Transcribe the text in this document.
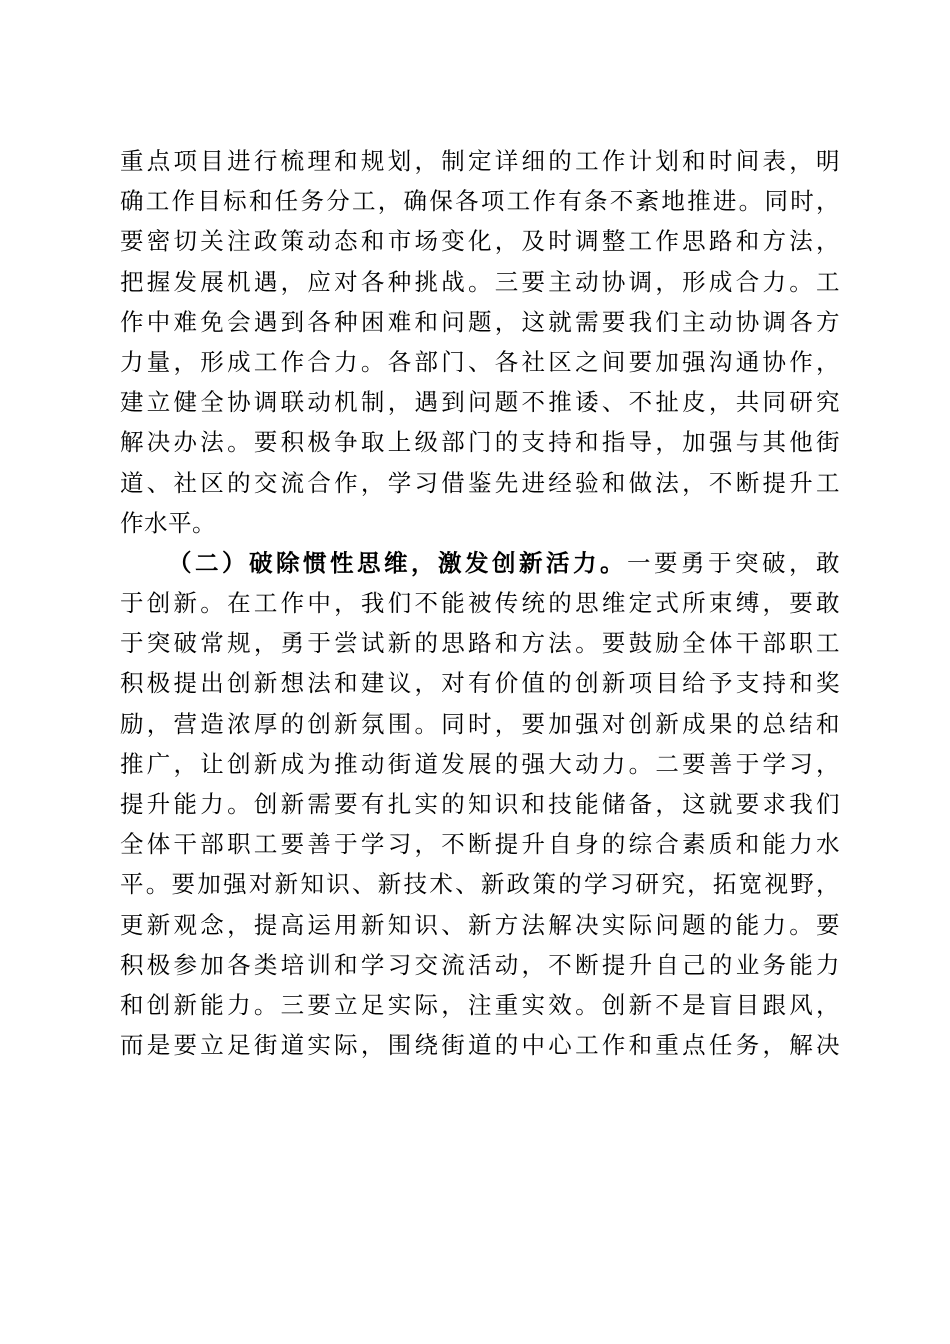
重点项目进行梳理和规划，制定详细的工作计划和时间表，明
确工作目标和任务分工，确保各项工作有条不紊地推进。同时，
要密切关注政策动态和市场变化，及时调整工作思路和方法，
把握发展机遇，应对各种挑战。三要主动协调，形成合力。工
作中难免会遇到各种困难和问题，这就需要我们主动协调各方
力量，形成工作合力。各部门、各社区之间要加强沟通协作，
建立健全协调联动机制，遇到问题不推诿、不扯皮，共同研究
解决办法。要积极争取上级部门的支持和指导，加强与其他街
道、社区的交流合作，学习借鉴先进经验和做法，不断提升工
作水平。
（二）破除惯性思维，激发创新活力。一要勇于突破，敢
于创新。在工作中，我们不能被传统的思维定式所束缚，要敢
于突破常规，勇于尝试新的思路和方法。要鼓励全体干部职工
积极提出创新想法和建议，对有价值的创新项目给予支持和奖
励，营造浓厚的创新氛围。同时，要加强对创新成果的总结和
推广，让创新成为推动街道发展的强大动力。二要善于学习，
提升能力。创新需要有扎实的知识和技能储备，这就要求我们
全体干部职工要善于学习，不断提升自身的综合素质和能力水
平。要加强对新知识、新技术、新政策的学习研究，拓宽视野，
更新观念，提高运用新知识、新方法解决实际问题的能力。要
积极参加各类培训和学习交流活动，不断提升自己的业务能力
和创新能力。三要立足实际，注重实效。创新不是盲目跟风，
而是要立足街道实际，围绕街道的中心工作和重点任务，解决
